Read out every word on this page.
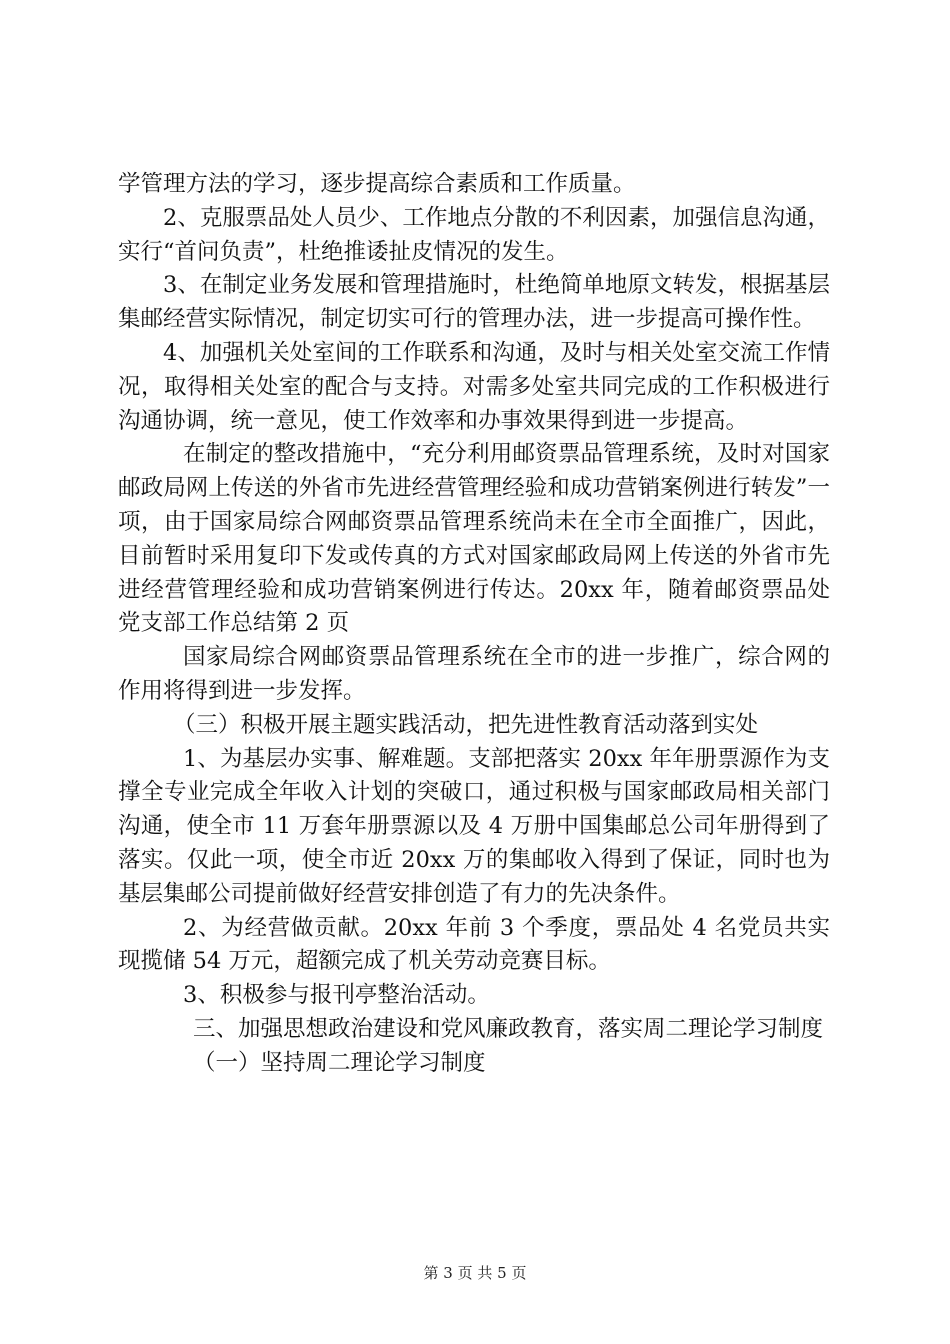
学管理方法的学习，逐步提高综合素质和工作质量。

2、克服票品处人员少、工作地点分散的不利因素，加强信息沟通，实行“首问负责”，杜绝推诿扯皮情况的发生。

3、在制定业务发展和管理措施时，杜绝简单地原文转发，根据基层集邮经营实际情况，制定切实可行的管理办法，进一步提高可操作性。

4、加强机关处室间的工作联系和沟通，及时与相关处室交流工作情况，取得相关处室的配合与支持。对需多处室共同完成的工作积极进行沟通协调，统一意见，使工作效率和办事效果得到进一步提高。

在制定的整改措施中，“充分利用邮资票品管理系统，及时对国家邮政局网上传送的外省市先进经营管理经验和成功营销案例进行转发”一项，由于国家局综合网邮资票品管理系统尚未在全市全面推广，因此，目前暂时采用复印下发或传真的方式对国家邮政局网上传送的外省市先进经营管理经验和成功营销案例进行传达。20xx 年，随着邮资票品处党支部工作总结第 2 页

国家局综合网邮资票品管理系统在全市的进一步推广，综合网的作用将得到进一步发挥。

（三）积极开展主题实践活动，把先进性教育活动落到实处

1、为基层办实事、解难题。支部把落实 20xx 年年册票源作为支撑全专业完成全年收入计划的突破口，通过积极与国家邮政局相关部门沟通，使全市 11 万套年册票源以及 4 万册中国集邮总公司年册得到了落实。仅此一项，使全市近 20xx 万的集邮收入得到了保证，同时也为基层集邮公司提前做好经营安排创造了有力的先决条件。

2、为经营做贡献。20xx 年前 3 个季度，票品处 4 名党员共实现揽储 54 万元，超额完成了机关劳动竞赛目标。

3、积极参与报刊亭整治活动。

三、加强思想政治建设和党风廉政教育，落实周二理论学习制度

（一）坚持周二理论学习制度

第 3 页 共 5 页
